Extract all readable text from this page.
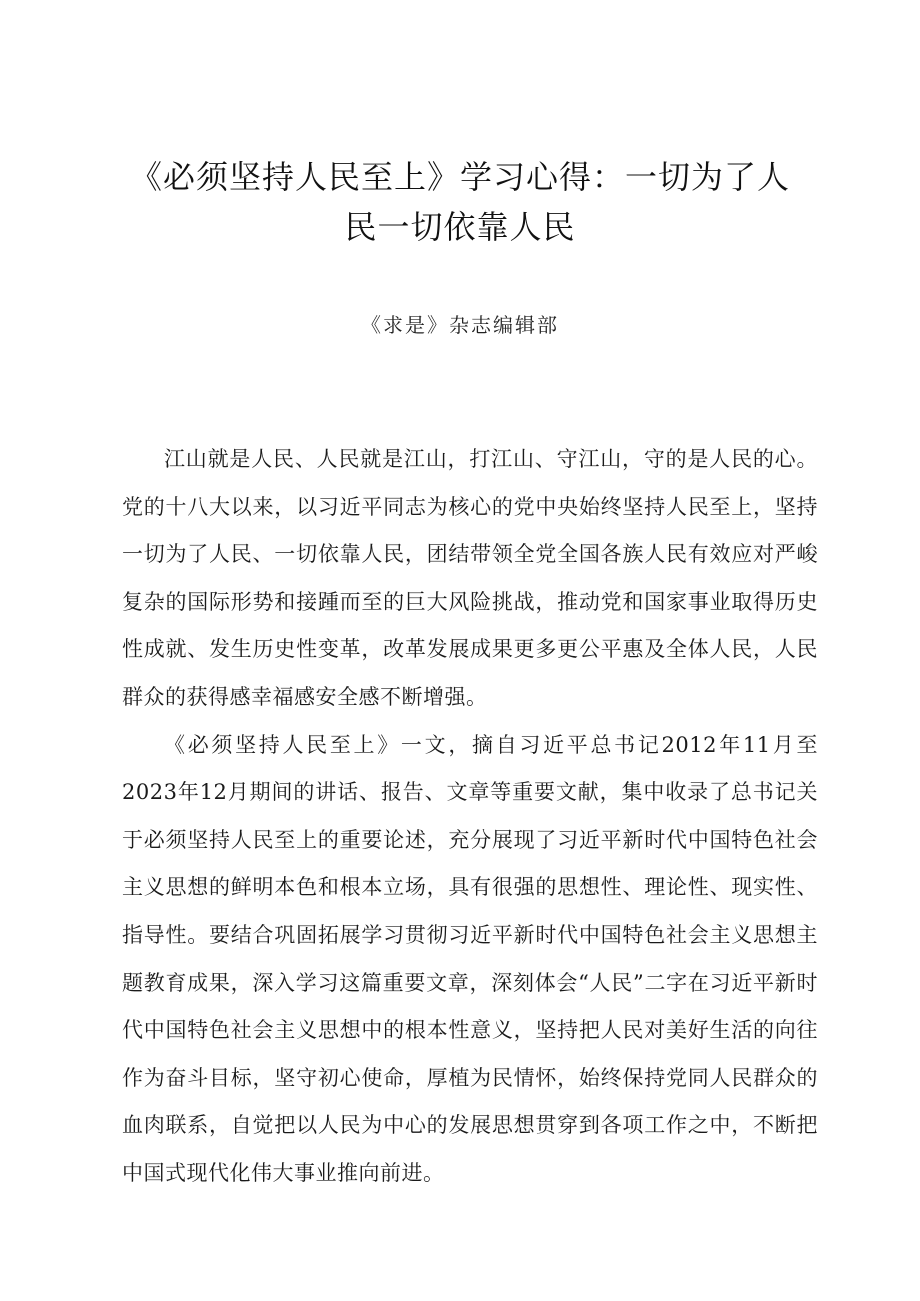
《必须坚持人民至上》学习心得：一切为了人民一切依靠人民

《求是》杂志编辑部

江山就是人民、人民就是江山，打江山、守江山，守的是人民的心。党的十八大以来，以习近平同志为核心的党中央始终坚持人民至上，坚持一切为了人民、一切依靠人民，团结带领全党全国各族人民有效应对严峻复杂的国际形势和接踵而至的巨大风险挑战，推动党和国家事业取得历史性成就、发生历史性变革，改革发展成果更多更公平惠及全体人民，人民群众的获得感幸福感安全感不断增强。

《必须坚持人民至上》一文，摘自习近平总书记2012年11月至2023年12月期间的讲话、报告、文章等重要文献，集中收录了总书记关于必须坚持人民至上的重要论述，充分展现了习近平新时代中国特色社会主义思想的鲜明本色和根本立场，具有很强的思想性、理论性、现实性、指导性。要结合巩固拓展学习贯彻习近平新时代中国特色社会主义思想主题教育成果，深入学习这篇重要文章，深刻体会“人民”二字在习近平新时代中国特色社会主义思想中的根本性意义，坚持把人民对美好生活的向往作为奋斗目标，坚守初心使命，厚植为民情怀，始终保持党同人民群众的血肉联系，自觉把以人民为中心的发展思想贯穿到各项工作之中，不断把中国式现代化伟大事业推向前进。
